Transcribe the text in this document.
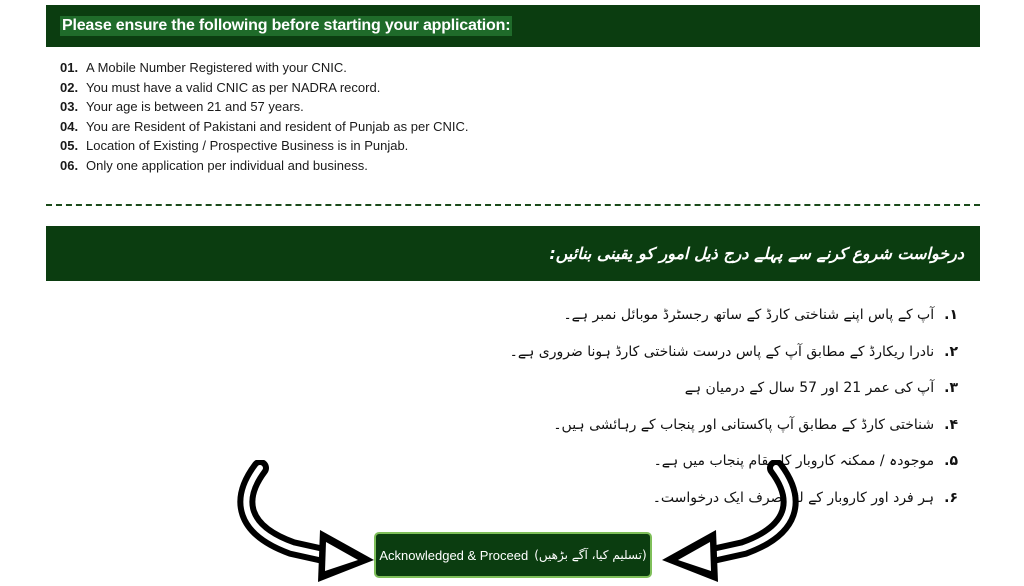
Please ensure the following before starting your application:
01. A Mobile Number Registered with your CNIC.
02. You must have a valid CNIC as per NADRA record.
03. Your age is between 21 and 57 years.
04. You are Resident of Pakistani and resident of Punjab as per CNIC.
05. Location of Existing / Prospective Business is in Punjab.
06. Only one application per individual and business.
درخواست شروع کرنے سے پہلے درج ذیل امور کو یقینی بنائیں:
۱.آپ کے پاس اپنے شناختی کارڈ کے ساتھ رجسٹرڈ موبائل نمبر ہے۔
۲.نادرا ریکارڈ کے مطابق آپ کے پاس درست شناختی کارڈ ہونا ضروری ہے۔
۳.آپ کی عمر 21 اور 57 سال کے درمیان ہے
۴.شناختی کارڈ کے مطابق آپ پاکستانی اور پنجاب کے رہائشی ہیں۔
۵.موجودہ / ممکنہ کاروبار کا مقام پنجاب میں ہے۔
۶.ہر فرد اور کاروبار کے لئے صرف ایک درخواست۔
Acknowledged & Proceed (تسلیم کیا، آگے بڑھیں)
